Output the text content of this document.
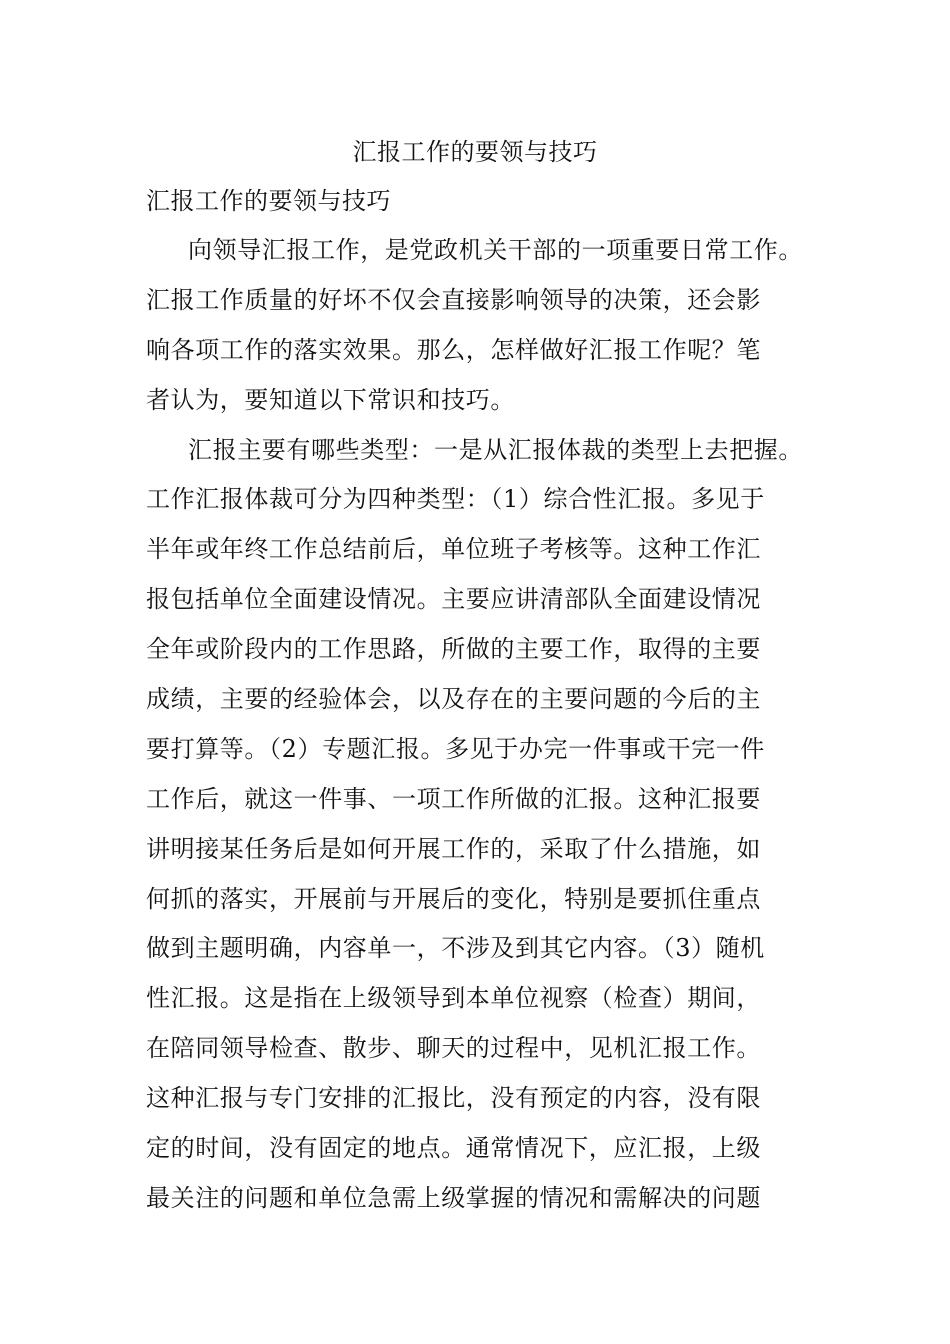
汇报工作的要领与技巧
汇报工作的要领与技巧
向领导汇报工作，是党政机关干部的一项重要日常工作。
汇报工作质量的好坏不仅会直接影响领导的决策，还会影
响各项工作的落实效果。那么，怎样做好汇报工作呢？笔
者认为，要知道以下常识和技巧。
汇报主要有哪些类型：一是从汇报体裁的类型上去把握。
工作汇报体裁可分为四种类型：（1）综合性汇报。多见于
半年或年终工作总结前后，单位班子考核等。这种工作汇
报包括单位全面建设情况。主要应讲清部队全面建设情况
全年或阶段内的工作思路，所做的主要工作，取得的主要
成绩，主要的经验体会，以及存在的主要问题的今后的主
要打算等。（2）专题汇报。多见于办完一件事或干完一件
工作后，就这一件事、一项工作所做的汇报。这种汇报要
讲明接某任务后是如何开展工作的，采取了什么措施，如
何抓的落实，开展前与开展后的变化，特别是要抓住重点
做到主题明确，内容单一，不涉及到其它内容。（3）随机
性汇报。这是指在上级领导到本单位视察（检查）期间，
在陪同领导检查、散步、聊天的过程中，见机汇报工作。
这种汇报与专门安排的汇报比，没有预定的内容，没有限
定的时间，没有固定的地点。通常情况下，应汇报，上级
最关注的问题和单位急需上级掌握的情况和需解决的问题
